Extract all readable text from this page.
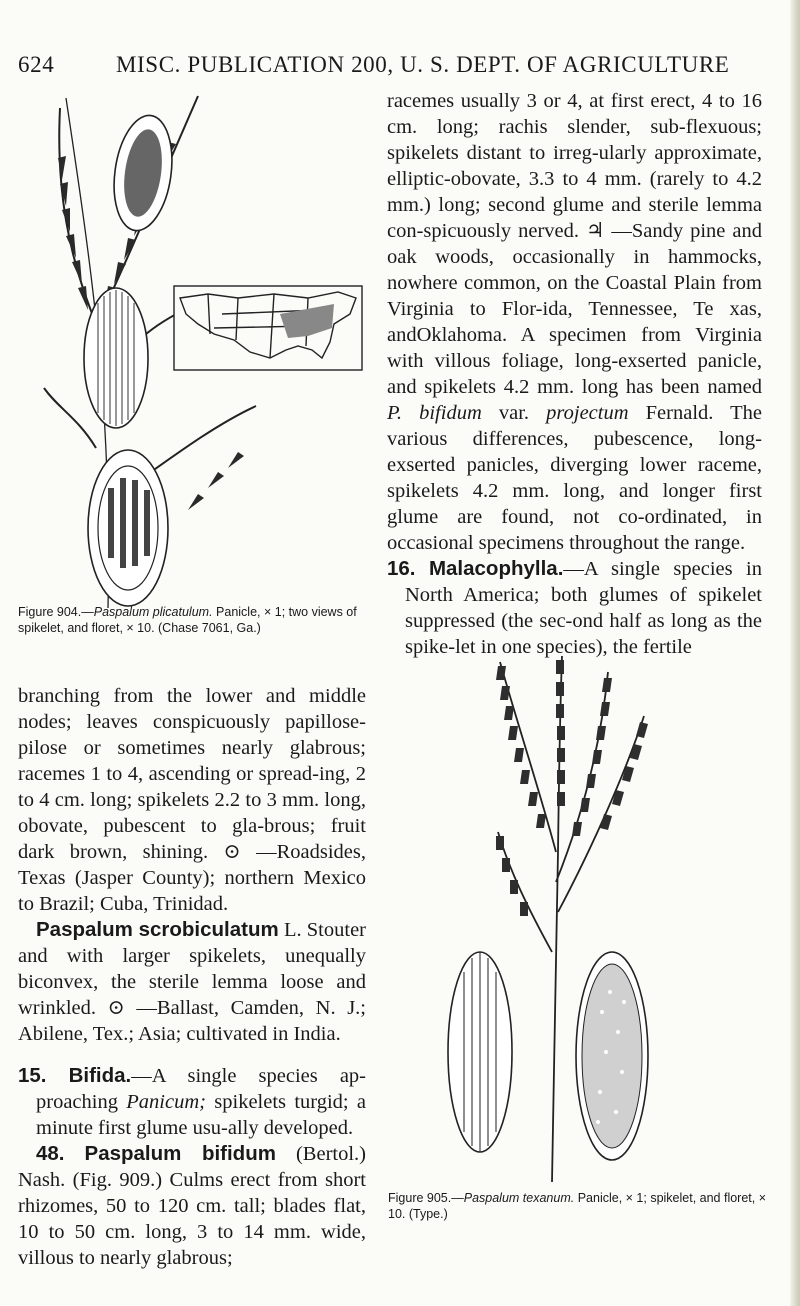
624	MISC. PUBLICATION 200, U. S. DEPT. OF AGRICULTURE
Figure 904.—Paspalum plicatulum. Panicle, × 1; two views of spikelet, and floret, × 10. (Chase 7061, Ga.)

racemes usually 3 or 4, at first erect, 4 to 16 cm. long; rachis slender, sub-flexuous; spikelets distant to irreg-ularly approximate, elliptic-obovate, 3.3 to 4 mm. (rarely to 4.2 mm.) long; second glume and sterile lemma con-spicuously nerved. ♃ —Sandy pine and oak woods, occasionally in hammocks, nowhere common, on the Coastal Plain from Virginia to Flor-ida, Tennessee, Te xas, andOklahoma. A specimen from Virginia with villous foliage, long-exserted panicle, and spikelets 4.2 mm. long has been named P. bifidum var. projectum Fernald. The various differences, pubescence, long-exserted panicles, diverging lower raceme, spikelets 4.2 mm. long, and longer first glume are found, not co-ordinated, in occasional specimens throughout the range.

16. Malacophylla.—A single species in North America; both glumes of spikelet suppressed (the sec-ond half as long as the spike-let in one species), the fertile

branching from the lower and middle nodes; leaves conspicuously papillose-pilose or sometimes nearly glabrous; racemes 1 to 4, ascending or spread-ing, 2 to 4 cm. long; spikelets 2.2 to 3 mm. long, obovate, pubescent to gla-brous; fruit dark brown, shining. ⊙ —Roadsides, Texas (Jasper County); northern Mexico to Brazil; Cuba, Trinidad.

Paspalum scrobiculatum L. Stouter and with larger spikelets, unequally biconvex, the sterile lemma loose and wrinkled. ⊙ —Ballast, Camden, N. J.; Abilene, Tex.; Asia; cultivated in India.

15. Bifida.—A single species ap-proaching Panicum; spikelets turgid; a minute first glume usu-ally developed.

48. Paspalum bifidum (Bertol.) Nash. (Fig. 909.) Culms erect from short rhizomes, 50 to 120 cm. tall; blades flat, 10 to 50 cm. long, 3 to 14 mm. wide, villous to nearly glabrous;

Figure 905.—Paspalum texanum. Panicle, × 1; spikelet, and floret, × 10. (Type.)
